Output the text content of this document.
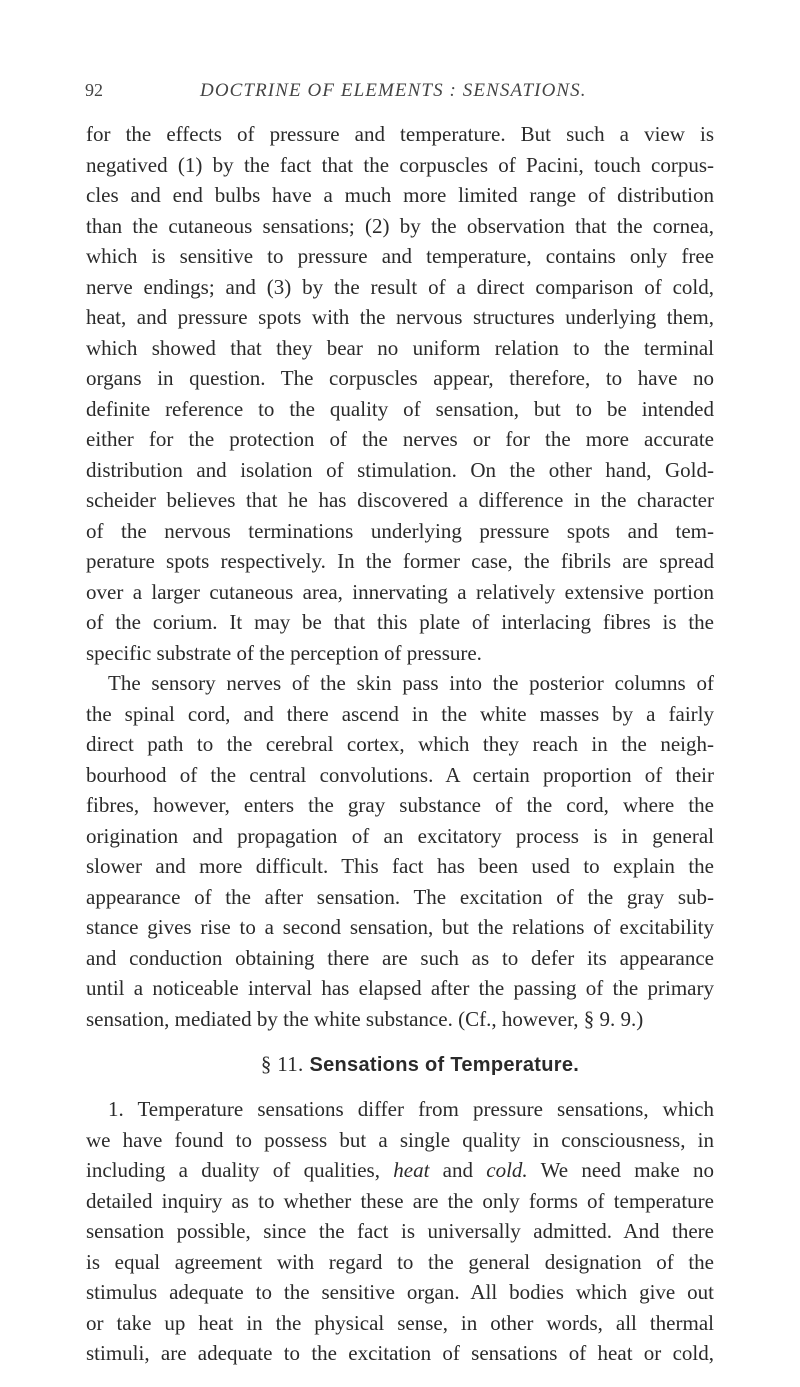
92	DOCTRINE OF ELEMENTS : SENSATIONS.
for the effects of pressure and temperature. But such a view is
negatived (1) by the fact that the corpuscles of Pacini, touch corpus-
cles and end bulbs have a much more limited range of distribution
than the cutaneous sensations; (2) by the observation that the cornea,
which is sensitive to pressure and temperature, contains only free
nerve endings; and (3) by the result of a direct comparison of cold,
heat, and pressure spots with the nervous structures underlying them,
which showed that they bear no uniform relation to the terminal
organs in question. The corpuscles appear, therefore, to have no
definite reference to the quality of sensation, but to be intended
either for the protection of the nerves or for the more accurate
distribution and isolation of stimulation. On the other hand, Gold-
scheider believes that he has discovered a difference in the character
of the nervous terminations underlying pressure spots and tem-
perature spots respectively. In the former case, the fibrils are spread
over a larger cutaneous area, innervating a relatively extensive portion
of the corium. It may be that this plate of interlacing fibres is the
specific substrate of the perception of pressure.
The sensory nerves of the skin pass into the posterior columns of
the spinal cord, and there ascend in the white masses by a fairly
direct path to the cerebral cortex, which they reach in the neigh-
bourhood of the central convolutions. A certain proportion of their
fibres, however, enters the gray substance of the cord, where the
origination and propagation of an excitatory process is in general
slower and more difficult. This fact has been used to explain the
appearance of the after sensation. The excitation of the gray sub-
stance gives rise to a second sensation, but the relations of excitability
and conduction obtaining there are such as to defer its appearance
until a noticeable interval has elapsed after the passing of the primary
sensation, mediated by the white substance. (Cf., however, § 9. 9.)
§ 11. Sensations of Temperature.
1. Temperature sensations differ from pressure sensations, which
we have found to possess but a single quality in consciousness, in
including a duality of qualities, heat and cold. We need make no
detailed inquiry as to whether these are the only forms of temperature
sensation possible, since the fact is universally admitted. And there
is equal agreement with regard to the general designation of the
stimulus adequate to the sensitive organ. All bodies which give out
or take up heat in the physical sense, in other words, all thermal
stimuli, are adequate to the excitation of sensations of heat or cold,
